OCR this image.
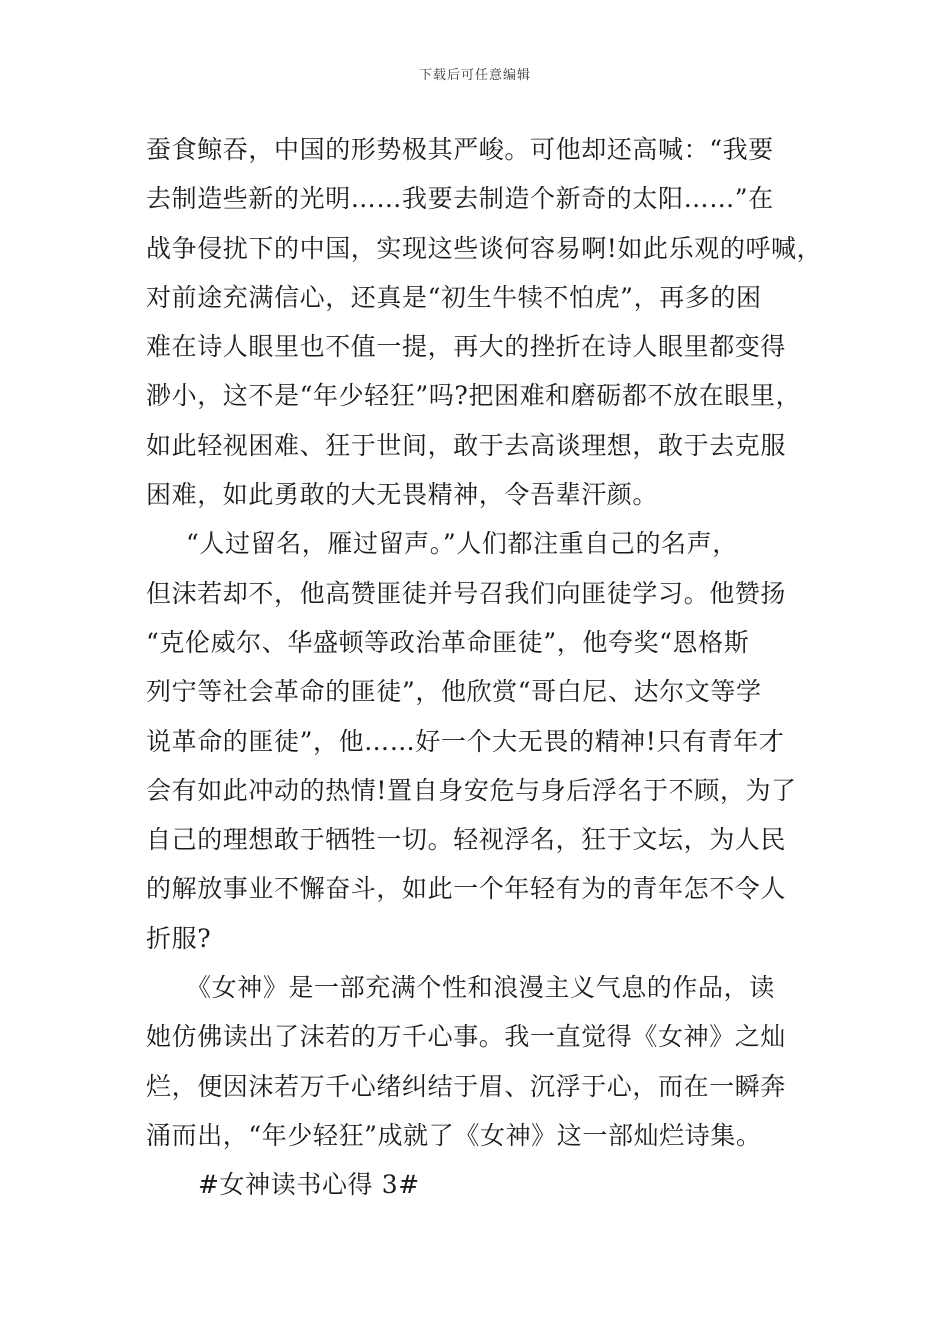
下载后可任意编辑
蚕食鲸吞，中国的形势极其严峻。可他却还高喊：“我要
去制造些新的光明……我要去制造个新奇的太阳……”在
战争侵扰下的中国，实现这些谈何容易啊!如此乐观的呼喊，
对前途充满信心，还真是“初生牛犊不怕虎”，再多的困
难在诗人眼里也不值一提，再大的挫折在诗人眼里都变得
渺小，这不是“年少轻狂”吗?把困难和磨砺都不放在眼里，
如此轻视困难、狂于世间，敢于去高谈理想，敢于去克服
困难，如此勇敢的大无畏精神，令吾辈汗颜。
“人过留名，雁过留声。”人们都注重自己的名声，
但沫若却不，他高赞匪徒并号召我们向匪徒学习。他赞扬
“克伦威尔、华盛顿等政治革命匪徒”，他夸奖“恩格斯
列宁等社会革命的匪徒”，他欣赏“哥白尼、达尔文等学
说革命的匪徒”，他……好一个大无畏的精神!只有青年才
会有如此冲动的热情!置自身安危与身后浮名于不顾，为了
自己的理想敢于牺牲一切。轻视浮名，狂于文坛，为人民
的解放事业不懈奋斗，如此一个年轻有为的青年怎不令人
折服?
《女神》是一部充满个性和浪漫主义气息的作品，读
她仿佛读出了沫若的万千心事。我一直觉得《女神》之灿
烂，便因沫若万千心绪纠结于眉、沉浮于心，而在一瞬奔
涌而出，“年少轻狂”成就了《女神》这一部灿烂诗集。
#女神读书心得 3#
